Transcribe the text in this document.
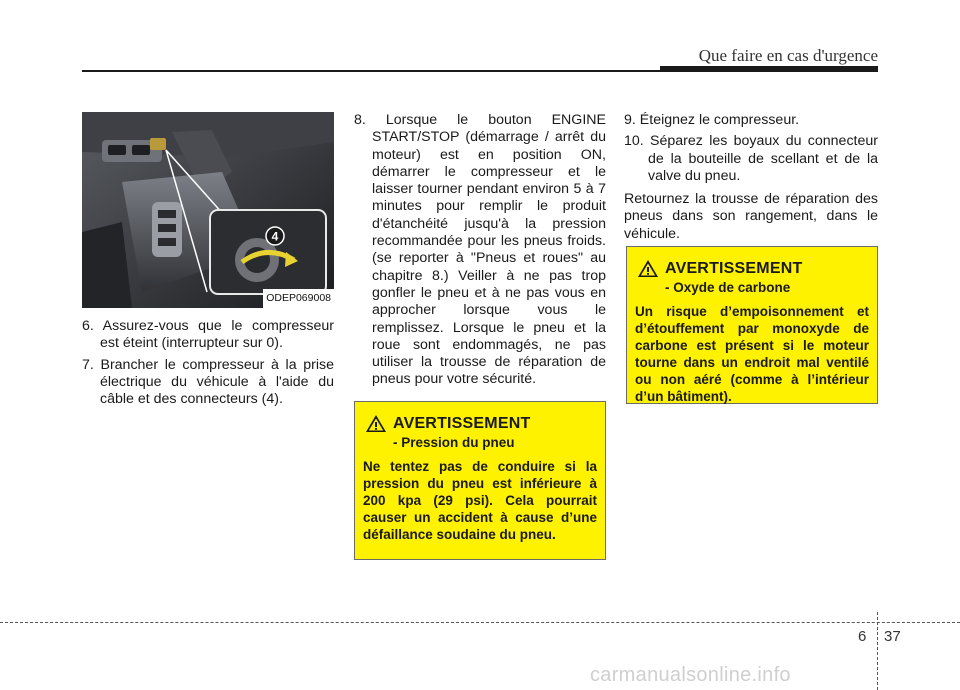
Que faire en cas d'urgence
4
ODEP069008

6. Assurez-vous que le compresseur est éteint (interrupteur sur 0).

7. Brancher le compresseur à la prise électrique du véhicule à l'aide du câble et des connecteurs (4).

8. Lorsque le bouton ENGINE START/STOP (démarrage / arrêt du moteur) est en position ON, démarrer le compresseur et le laisser tourner pendant environ 5 à 7 minutes pour remplir le produit d'étanchéité jusqu'à la pression recommandée pour les pneus froids. (se reporter à "Pneus et roues" au chapitre 8.) Veiller à ne pas trop gonfler le pneu et à ne pas vous en approcher lorsque vous le remplissez. Lorsque le pneu et la roue sont endommagés, ne pas utiliser la trousse de réparation de pneus pour votre sécurité.

9. Éteignez le compresseur.

10. Séparez les boyaux du connecteur de la bouteille de scellant et de la valve du pneu.

Retournez la trousse de réparation des pneus dans son rangement, dans le véhicule.

AVERTISSEMENT
- Pression du pneu
Ne tentez pas de conduire si la pression du pneu est inférieure à 200 kpa (29 psi). Cela pourrait causer un accident à cause d’une défaillance soudaine du pneu.
AVERTISSEMENT
- Oxyde de carbone
Un risque d’empoisonnement et d’étouffement par monoxyde de carbone est présent si le moteur tourne dans un endroit mal ventilé ou non aéré (comme à l’intérieur d’un bâtiment).
6 37
carmanualsonline.info
